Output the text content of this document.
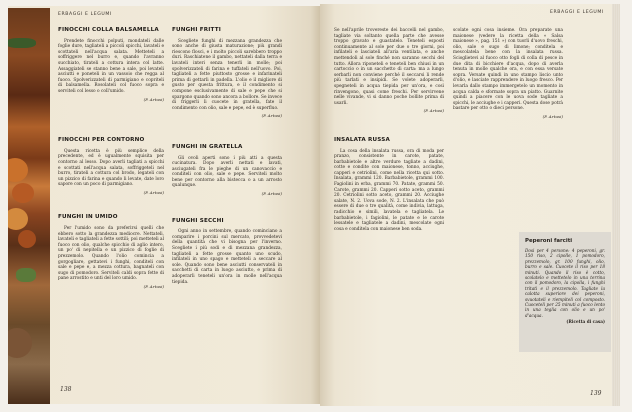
ERBAGGI E LEGUMI
FINOCCHI COLLA BALSAMELLA

Prendete finocchi polputi, mondateli dalle foglie dure, tagliateli a piccoli spicchi, lavateli e scottateli nell'acqua salata. Metteteli a soffriggere nel burro e, quando l'avranno succhiato, tirateli a cottura intera col latte. Assaggiateli se stanno bene a sale, poi levateli asciutti e poneteli in un vassoio che regga al fuoco. Spolverizzateli di parmigiano e copriteli di balsamella. Rosolateli col fuoco sopra e serviteli col lesso o coll'umido.

(P. Artusi)
FINOCCHI PER CONTORNO

Questa ricetta è più semplice della precedente, ed è ugualmente squisita per contorno al lesso. Dopo averli tagliati a spicchi e scottati nell'acqua salata, soffriggeteli nel burro, tirateli a cottura col brodo, legateli con un pizzico di farina e quando li levate, date loro sapore con un poco di parmigiano.

(P. Artusi)
FUNGHI IN UMIDO

Per l'umido sono da preferirsi quelli che ebbero sotto la grandezza mediocre. Nettateli, lavateli e tagliateli a fette sottili; poi metteteli al fuoco con olio, qualche spicchio di aglio intero, un po' di nepitella e un pizzico di foglie di prezzemolo. Quando l'olio comincia a gorgogliare, gettatevi i funghi, conditeli con sale e pepe e, a mezza cottura, bagnateli con sugo di pomodoro. Serviteli caldi sopra fette di pane arrostito e unti del loro umido.

(P. Artusi)
FUNGHI FRITTI

Scegliete funghi di mezzana grandezza che sono anche di giusta maturazione; più grandi riescono flosci, e i molto piccoli sarebbero troppo duri. Raschiatene il gambo, nettateli dalla terra e lavateli interi senza tenerli in molle; poi spolverizzateli di farina e tuffateli nell'uovo. Poi, tagliateli a fette piuttosto grosse e infarinateli prima di gettarli in padella. L'olio e il migliore di gusto per questa frittura, e il condimento si compone esclusivamente di sale e pepe che si spargono quando sono ancora a bollore. Se invece di friggerli li cuocete in gratella, fate il condimento con olio, sale e pepe, ed è superfluo.

(P. Artusi)
FUNGHI IN GRATELLA

Gli ovoli aperti sono i più atti a questa cucinatura. Dopo averli nettati e lavati, asciugateli fra le pieghe di un canovaccio e conditeli con olio, sale e pepe. Serviteli molto bene per contorno alla bistecca o a un arrosto qualunque.

(P. Artusi)
FUNGHI SECCHI

Ogni anno in settembre, quando cominciano a comparire i porcini sul mercato, provvedetevi della quantità che vi bisogna per l'inverno. Scegliete i più sodi e di mezzana grandezza, tagliateli a fette grosse quanto uno scudo, infilateli in uno spago e metteteli a seccare al sole. Quando sono bene asciutti conservateli in sacchetti di carta in luogo asciutto, e prima di adoperarli teneteli un'ora in molle nell'acqua tiepida.

138
ERBAGGI E LEGUMI

Se nell'aprile trovereste dei baccelli nel gambo, tagliate via soltanto quella parte che avesse troppo gravato e guastatelo. Teneteli esposti continuamente al sole per due o tre giorni, poi infilateli e lasciateli all'aria ventilata, e anche mettendoli al sole finché non saranno secchi del tutto. Allora riponeteli e teneteli ben chiusi in un cartoccio o in un sacchetto di carta: ma a lungo serbarli non conviene perché il seccarsi li rende più tarlati e insipidi. Se volete adoperarli, spegneteli in acqua tiepida per un'ora, e così rinvengono, quasi come freschi. Per servirvene nelle vivande, vi si danno poche bollite prima di usarli.

(P. Artusi)
INSALATA RUSSA

La cosa della insalata russa, ora di moda per pranzo, consistente in carote, patate, barbabietole e altre verdure tagliate a dadini, cotte e condite con maionese, tonno, acciughe, capperi e cetriolini, come nella ricetta qui sotto. Insalata, grammi 120. Barbabietole, grammi 100. Fagiolini in erba, grammi 70. Patate, grammi 50. Carote, grammi 20. Capperi sotto aceto, grammi 20. Cetriolini sotto aceto, grammi 20. Acciughe salate, N. 2. Uova sode, N. 2. L'insalata che può essere di due o tre qualità, come indivia, lattuga, radicchio e simili, lavatela e tagliatela. Le barbabietole, i fagiolini, le patate e le carote lessatele e tagliatele a dadini, mescolate ogni cosa e conditela con maionese ben soda.

scolate ogni cosa insieme. Ora preparate una maionese (vedere la ricetta della « Salsa maionese », pag. 151 ») con tuorli d'uovo freschi, olio, sale e sugo di limone; conditela e mescolatela bene con la insalata russa. Scioglietevi al fuoco otto fogli di colla di pesce in due dita di bicchiere d'acqua, dopo di averla tenuta in molle qualche ora, e con essa versate sopra. Versate quindi in uno stampo liscio unto d'olio, e lasciate rapprendere in luogo fresco. Per levarla dallo stampo immergetelo un momento in acqua calda e sformate sopra un piatto. Guarnite quindi a piacere con le uova sode tagliate a spicchi, le acciughe e i capperi. Questa dose potrà bastare per otto o dieci persone.

(P. Artusi)
139
Peperoni farciti

Dosi per 4 persone: 4 peperoni, gr. 150 riso, 2 cipolle, 1 pomodoro, prezzemolo, gr. 100 funghi, olio, burro e sale. Cuocete il riso per 18 minuti. Quando il riso è cotto, scolatelo e mettetelo in una terrina con il pomodoro, la cipolla, i funghi tritati e il prezzemolo. Tagliate la calotta superiore dei peperoni, svuotateli e riempiteli col composto. Cuoceteli per 25 minuti a fuoco lento in una teglia con olio e un po' d'acqua.

(Ricetta di casa)
